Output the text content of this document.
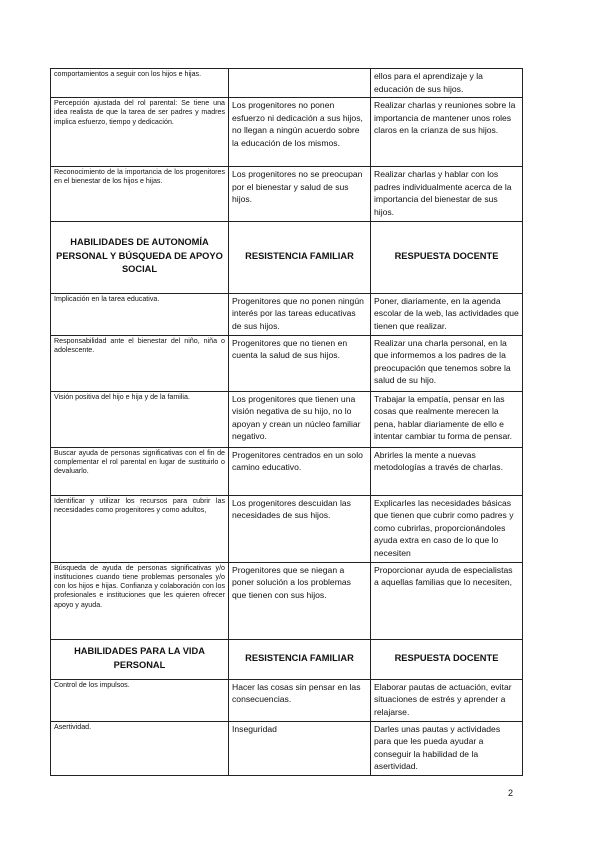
comportamientos a seguir con los hijos e hijas.		ellos para el aprendizaje y la educación de sus hijos.
Percepción ajustada del rol parental: Se tiene una idea realista de que la tarea de ser padres y madres implica esfuerzo, tiempo y dedicación.	Los progenitores no ponen esfuerzo ni dedicación a sus hijos, no llegan a ningún acuerdo sobre la educación de los mismos.	Realizar charlas y reuniones sobre la importancia de mantener unos roles claros en la crianza de sus hijos.
Reconocimiento de la importancia de los progenitores en el bienestar de los hijos e hijas.	Los progenitores no se preocupan por el bienestar y salud de sus hijos.	Realizar charlas y hablar con los padres individualmente acerca de la importancia del bienestar de sus hijos.
HABILIDADES DE AUTONOMÍA PERSONAL Y BÚSQUEDA DE APOYO SOCIAL	RESISTENCIA FAMILIAR	RESPUESTA DOCENTE
Implicación en la tarea educativa.	Progenitores que no ponen ningún interés por las tareas educativas de sus hijos.	Poner, diariamente, en la agenda escolar de la web, las actividades que tienen que realizar.
Responsabilidad ante el bienestar del niño, niña o adolescente.	Progenitores que no tienen en cuenta la salud de sus hijos.	Realizar una charla personal, en la que informemos a los padres de la preocupación que tenemos sobre la salud de su hijo.
Visión positiva del hijo e hija y de la familia.	Los progenitores que tienen una visión negativa de su hijo, no lo apoyan y crean un núcleo familiar negativo.	Trabajar la empatía, pensar en las cosas que realmente merecen la pena, hablar diariamente de ello e intentar cambiar tu forma de pensar.
Buscar ayuda de personas significativas con el fin de complementar el rol parental en lugar de sustituirlo o devaluarlo.	Progenitores centrados en un solo camino educativo.	Abrirles la mente a nuevas metodologías a través de charlas.
Identificar y utilizar los recursos para cubrir las necesidades como progenitores y como adultos,	Los progenitores descuidan las necesidades de sus hijos.	Explicarles las necesidades básicas que tienen que cubrir como padres y como cubrirlas, proporcionándoles ayuda extra en caso de lo que lo necesiten
Búsqueda de ayuda de personas significativas y/o instituciones cuando tiene problemas personales y/o con los hijos e hijas. Confianza y colaboración con los profesionales e instituciones que les quieren ofrecer apoyo y ayuda.	Progenitores que se niegan a poner solución a los problemas que tienen con sus hijos.	Proporcionar ayuda de especialistas a aquellas familias que lo necesiten,
HABILIDADES PARA LA VIDA PERSONAL	RESISTENCIA FAMILIAR	RESPUESTA DOCENTE
Control de los impulsos.	Hacer las cosas sin pensar en las consecuencias.	Elaborar pautas de actuación, evitar situaciones de estrés y aprender a relajarse.
Asertividad.	Inseguridad	Darles unas pautas y actividades para que les pueda ayudar a conseguir la habilidad de la asertividad.
2
